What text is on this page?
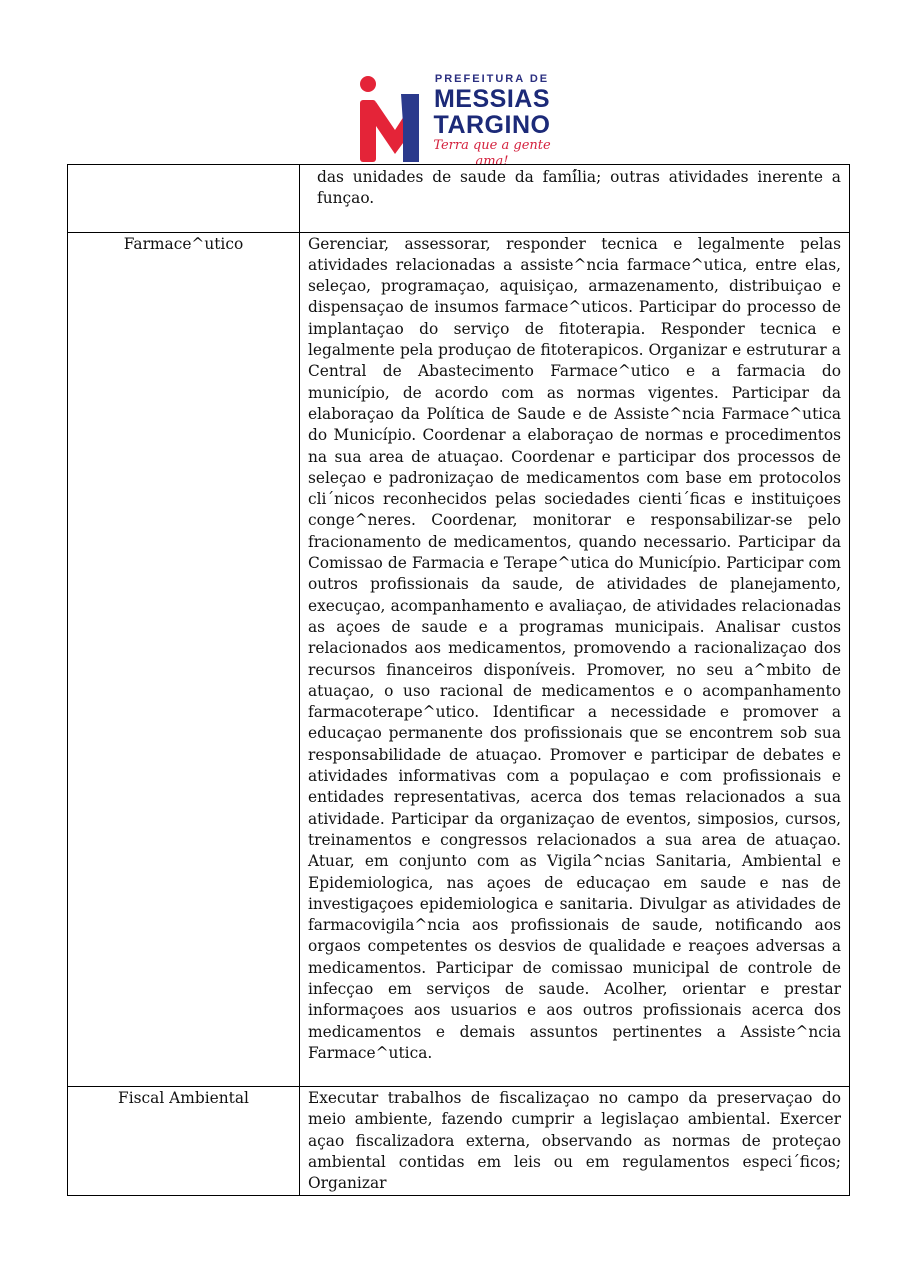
PREFEITURA DE
MESSIAS
TARGINO
Terra que a gente ama!
	das unidades de saude da famí́lia; outras atividades inerente a funçao.
Farmace^utico	Gerenciar, assessorar, responder tecnica e legalmente pelas atividades relacionadas a assiste^ncia farmace^utica, entre elas, seleçao, programaçao, aquisiçao, armazenamento, distribuiçao e dispensaçao de insumos farmace^uticos. Participar do processo de implantaçao do serviço de fitoterapia. Responder tecnica e legalmente pela produçao de fitoterapicos. Organizar e estruturar a Central de Abastecimento Farmace^utico e a farmacia do município, de acordo com as normas vigentes. Participar da elaboraçao da Política de Saude e de Assiste^ncia Farmace^utica do Município. Coordenar a elaboraçao de normas e procedimentos na sua area de atuaçao. Coordenar e participar dos processos de seleçao e padronizaçao de medicamentos com base em protocolos cli´nicos reconhecidos pelas sociedades cienti´ficas e instituiçoes conge^neres. Coordenar, monitorar e responsabilizar-se pelo fracionamento de medicamentos, quando necessario. Participar da Comissao de Farmacia e Terape^utica do Município. Participar com outros profissionais da saude, de atividades de planejamento, execuçao, acompanhamento e avaliaçao, de atividades relacionadas as açoes de saude e a programas municipais. Analisar custos relacionados aos medicamentos, promovendo a racionalizaçao dos recursos financeiros disponíveis. Promover, no seu a^mbito de atuaçao, o uso racional de medicamentos e o acompanhamento farmacoterape^utico. Identificar a necessidade e promover a educaçao permanente dos profissionais que se encontrem sob sua responsabilidade de atuaçao. Promover e participar de debates e atividades informativas com a populaçao e com profissionais e entidades representativas, acerca dos temas relacionados a sua atividade. Participar da organizaçao de eventos, simposios, cursos, treinamentos e congressos relacionados a sua area de atuaçao. Atuar, em conjunto com as Vigila^ncias Sanitaria, Ambiental e Epidemiologica, nas açoes de educaçao em saude e nas de investigaçoes epidemiologica e sanitaria. Divulgar as atividades de farmacovigila^ncia aos profissionais de saude, notificando aos orgaos competentes os desvios de qualidade e reaçoes adversas a medicamentos. Participar de comissao municipal de controle de infecçao em serviços de saude. Acolher, orientar e prestar informaçoes aos usuarios e aos outros profissionais acerca dos medicamentos e demais assuntos pertinentes a Assiste^ncia Farmace^utica.
Fiscal Ambiental	Executar trabalhos de fiscalizaçao no campo da preservaçao do meio ambiente, fazendo cumprir a legislaçao ambiental. Exercer açao fiscalizadora externa, observando as normas de proteçao ambiental contidas em leis ou em regulamentos especi´ficos; Organizar
